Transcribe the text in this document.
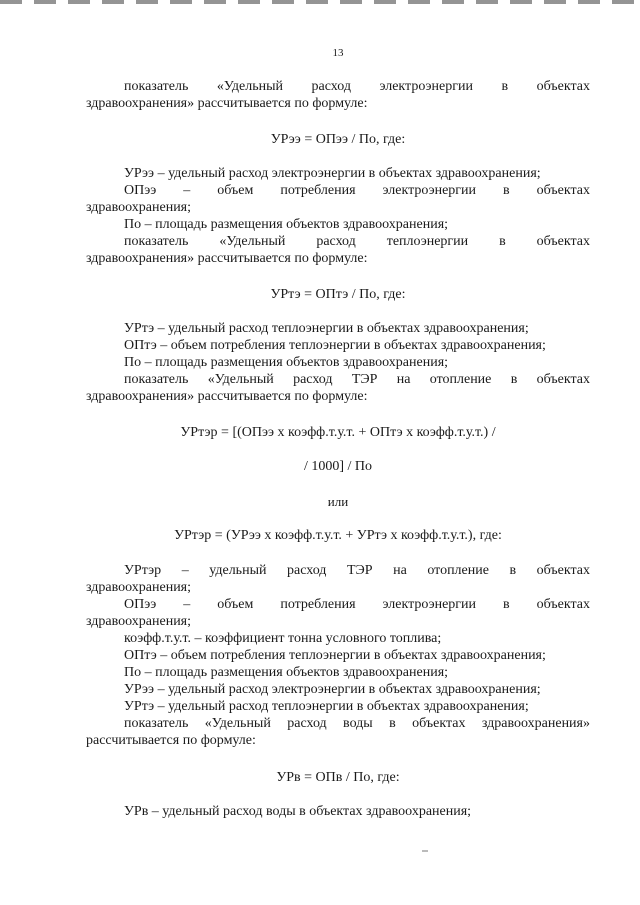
13
показатель «Удельный расход электроэнергии в объектах
здравоохранения» рассчитывается по формуле:
УРээ = ОПээ / По, где:
УРээ – удельный расход электроэнергии в объектах здравоохранения;
ОПээ – объем потребления электроэнергии в объектах
здравоохранения;
По – площадь размещения объектов здравоохранения;
показатель «Удельный расход теплоэнергии в объектах
здравоохранения» рассчитывается по формуле:
УРтэ = ОПтэ / По, где:
УРтэ – удельный расход теплоэнергии в объектах здравоохранения;
ОПтэ – объем потребления теплоэнергии в объектах здравоохранения;
По – площадь размещения объектов здравоохранения;
показатель «Удельный расход ТЭР на отопление в объектах
здравоохранения» рассчитывается по формуле:
УРтэр = [(ОПээ х коэфф.т.у.т. + ОПтэ х коэфф.т.у.т.) /
/ 1000] / По
или
УРтэр = (УРээ х коэфф.т.у.т. + УРтэ х коэфф.т.у.т.), где:
УРтэр – удельный расход ТЭР на отопление в объектах
здравоохранения;
ОПээ – объем потребления электроэнергии в объектах
здравоохранения;
коэфф.т.у.т. – коэффициент тонна условного топлива;
ОПтэ – объем потребления теплоэнергии в объектах здравоохранения;
По – площадь размещения объектов здравоохранения;
УРээ – удельный расход электроэнергии в объектах здравоохранения;
УРтэ – удельный расход теплоэнергии в объектах здравоохранения;
показатель «Удельный расход воды в объектах здравоохранения»
рассчитывается по формуле:
УРв = ОПв / По, где:
УРв – удельный расход воды в объектах здравоохранения;
